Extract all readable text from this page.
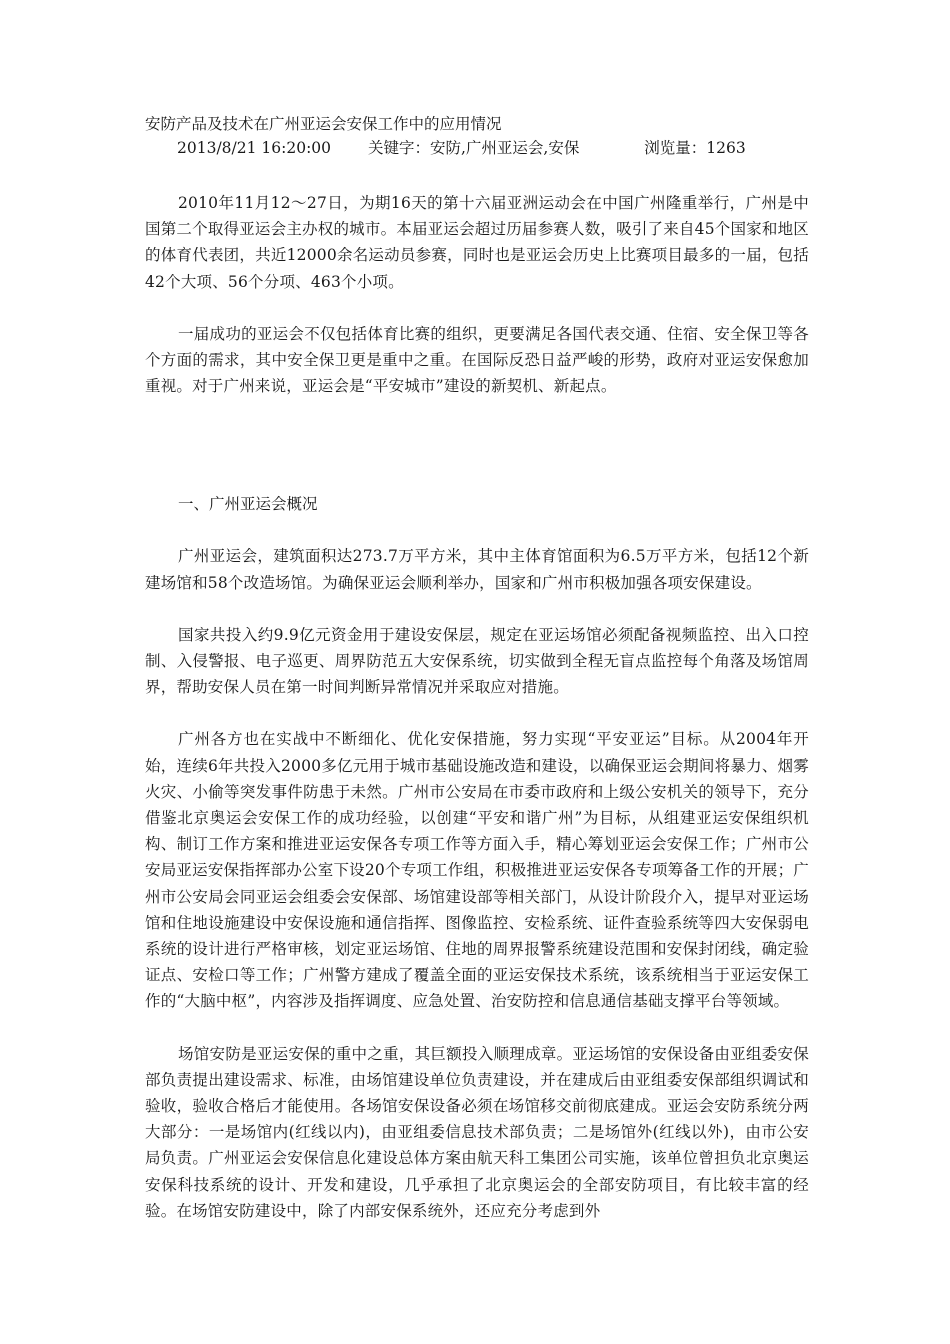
安防产品及技术在广州亚运会安保工作中的应用情况

2013/8/21 16:20:00 关键字：安防,广州亚运会,安保	浏览量：1263

2010年11月12～27日，为期16天的第十六届亚洲运动会在中国广州隆重举行，广州是中国第二个取得亚运会主办权的城市。本届亚运会超过历届参赛人数，吸引了来自45个国家和地区的体育代表团，共近12000余名运动员参赛，同时也是亚运会历史上比赛项目最多的一届，包括42个大项、56个分项、463个小项。

一届成功的亚运会不仅包括体育比赛的组织，更要满足各国代表交通、住宿、安全保卫等各个方面的需求，其中安全保卫更是重中之重。在国际反恐日益严峻的形势，政府对亚运安保愈加重视。对于广州来说，亚运会是“平安城市”建设的新契机、新起点。

一、广州亚运会概况

广州亚运会，建筑面积达273.7万平方米，其中主体育馆面积为6.5万平方米，包括12个新建场馆和58个改造场馆。为确保亚运会顺利举办，国家和广州市积极加强各项安保建设。

国家共投入约9.9亿元资金用于建设安保层，规定在亚运场馆必须配备视频监控、出入口控制、入侵警报、电子巡更、周界防范五大安保系统，切实做到全程无盲点监控每个角落及场馆周界，帮助安保人员在第一时间判断异常情况并采取应对措施。

广州各方也在实战中不断细化、优化安保措施，努力实现“平安亚运”目标。从2004年开始，连续6年共投入2000多亿元用于城市基础设施改造和建设，以确保亚运会期间将暴力、烟雾火灾、小偷等突发事件防患于未然。广州市公安局在市委市政府和上级公安机关的领导下，充分借鉴北京奥运会安保工作的成功经验，以创建“平安和谐广州”为目标，从组建亚运安保组织机构、制订工作方案和推进亚运安保各专项工作等方面入手，精心筹划亚运会安保工作；广州市公安局亚运安保指挥部办公室下设20个专项工作组，积极推进亚运安保各专项筹备工作的开展；广州市公安局会同亚运会组委会安保部、场馆建设部等相关部门，从设计阶段介入，提早对亚运场馆和住地设施建设中安保设施和通信指挥、图像监控、安检系统、证件查验系统等四大安保弱电系统的设计进行严格审核，划定亚运场馆、住地的周界报警系统建设范围和安保封闭线，确定验证点、安检口等工作；广州警方建成了覆盖全面的亚运安保技术系统，该系统相当于亚运安保工作的“大脑中枢”，内容涉及指挥调度、应急处置、治安防控和信息通信基础支撑平台等领域。

场馆安防是亚运安保的重中之重，其巨额投入顺理成章。亚运场馆的安保设备由亚组委安保部负责提出建设需求、标准，由场馆建设单位负责建设，并在建成后由亚组委安保部组织调试和验收，验收合格后才能使用。各场馆安保设备必须在场馆移交前彻底建成。亚运会安防系统分两大部分：一是场馆内(红线以内)，由亚组委信息技术部负责；二是场馆外(红线以外)，由市公安局负责。广州亚运会安保信息化建设总体方案由航天科工集团公司实施，该单位曾担负北京奥运安保科技系统的设计、开发和建设，几乎承担了北京奥运会的全部安防项目，有比较丰富的经验。在场馆安防建设中，除了内部安保系统外，还应充分考虑到外
